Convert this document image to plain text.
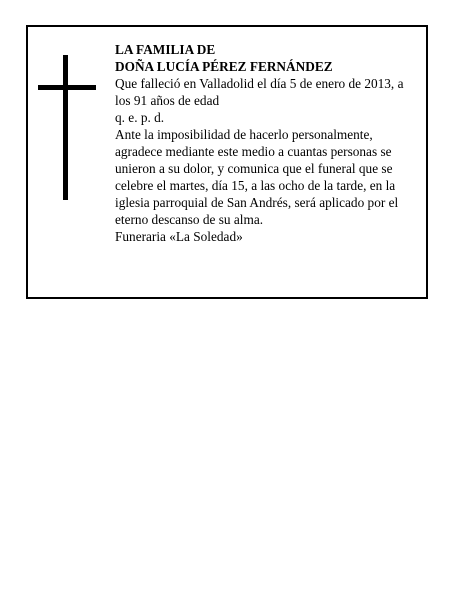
LA FAMILIA DE

DOÑA LUCÍA PÉREZ FERNÁNDEZ

Que falleció en Valladolid el día 5 de enero de 2013, a los 91 años de edad

q. e. p. d.

Ante la imposibilidad de hacerlo personalmente, agradece mediante este medio a cuantas personas se unieron a su dolor, y comunica que el funeral que se celebre el martes, día 15, a las ocho de la tarde, en la iglesia parroquial de San Andrés, será aplicado por el eterno descanso de su alma.

Funeraria «La Soledad»
